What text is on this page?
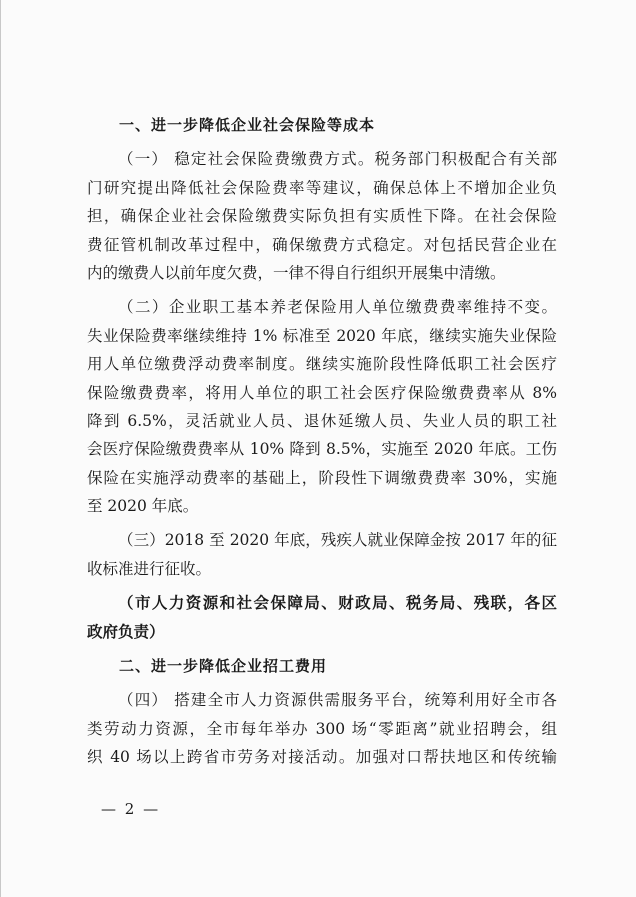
一、进一步降低企业社会保险等成本
（一） 稳定社会保险费缴费方式。税务部门积极配合有关部
门研究提出降低社会保险费率等建议，确保总体上不增加企业负
担，确保企业社会保险缴费实际负担有实质性下降。在社会保险
费征管机制改革过程中，确保缴费方式稳定。对包括民营企业在
内的缴费人以前年度欠费，一律不得自行组织开展集中清缴。
（二）企业职工基本养老保险用人单位缴费费率维持不变。
失业保险费率继续维持 1% 标准至 2020 年底，继续实施失业保险
用人单位缴费浮动费率制度。继续实施阶段性降低职工社会医疗
保险缴费费率，将用人单位的职工社会医疗保险缴费费率从 8%
降到 6.5%，灵活就业人员、退休延缴人员、失业人员的职工社
会医疗保险缴费费率从 10% 降到 8.5%，实施至 2020 年底。工伤
保险在实施浮动费率的基础上，阶段性下调缴费费率 30%，实施
至 2020 年底。
（三）2018 至 2020 年底，残疾人就业保障金按 2017 年的征
收标准进行征收。
（市人力资源和社会保障局、财政局、税务局、残联，各区
政府负责）
二、进一步降低企业招工费用
（四） 搭建全市人力资源供需服务平台，统筹利用好全市各
类劳动力资源，全市每年举办 300 场“零距离”就业招聘会，组
织 40 场以上跨省市劳务对接活动。加强对口帮扶地区和传统输
— 2 —
